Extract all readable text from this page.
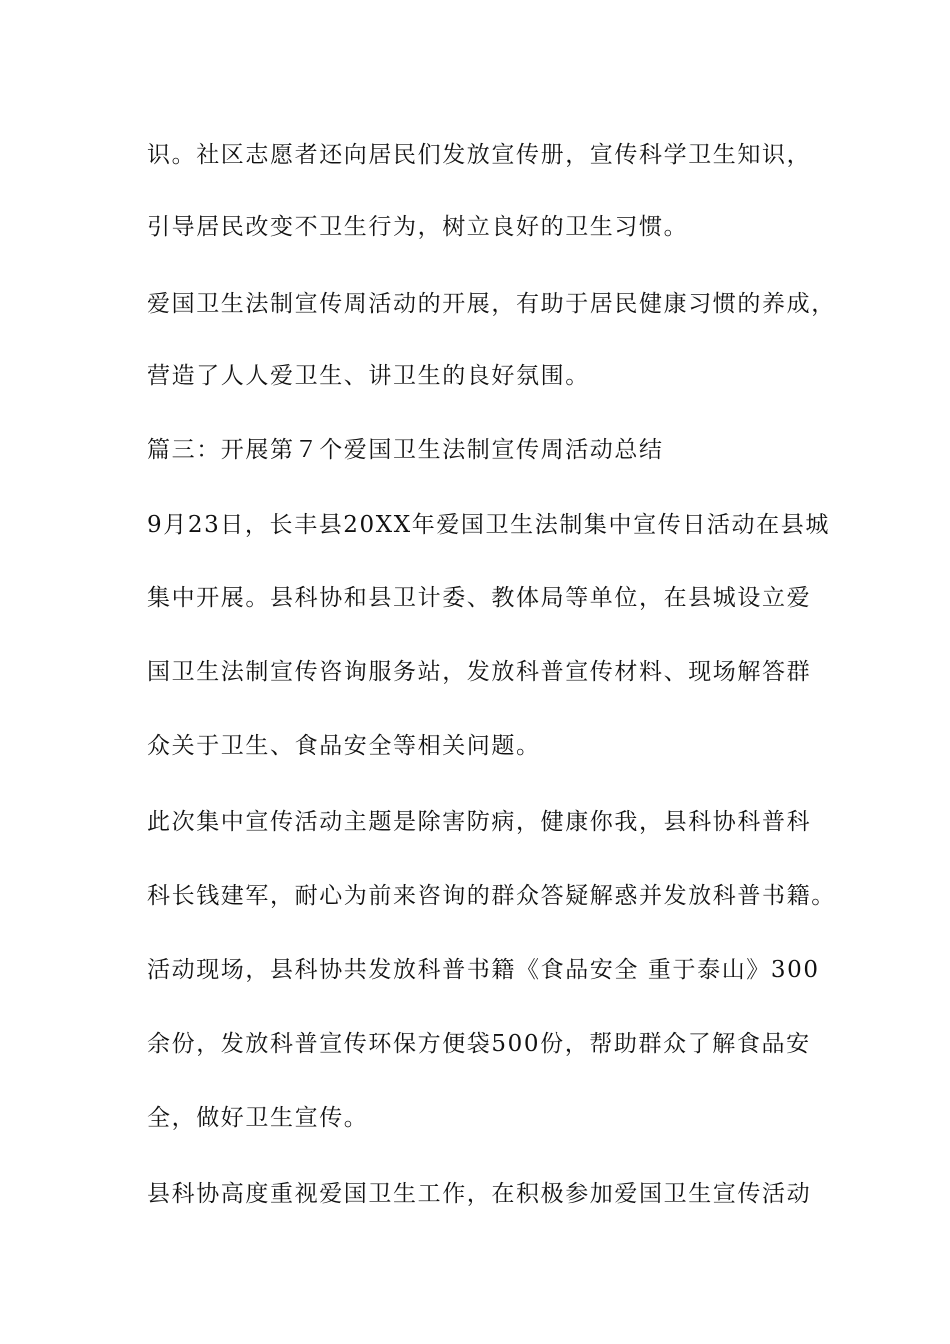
识。社区志愿者还向居民们发放宣传册，宣传科学卫生知识，

引导居民改变不卫生行为，树立良好的卫生习惯。

爱国卫生法制宣传周活动的开展，有助于居民健康习惯的养成，

营造了人人爱卫生、讲卫生的良好氛围。

篇三：开展第７个爱国卫生法制宣传周活动总结

9月23日，长丰县20XX年爱国卫生法制集中宣传日活动在县城

集中开展。县科协和县卫计委、教体局等单位，在县城设立爱

国卫生法制宣传咨询服务站，发放科普宣传材料、现场解答群

众关于卫生、食品安全等相关问题。

此次集中宣传活动主题是除害防病，健康你我，县科协科普科

科长钱建军，耐心为前来咨询的群众答疑解惑并发放科普书籍。

活动现场，县科协共发放科普书籍《食品安全 重于泰山》300

余份，发放科普宣传环保方便袋500份，帮助群众了解食品安

全，做好卫生宣传。

县科协高度重视爱国卫生工作，在积极参加爱国卫生宣传活动
